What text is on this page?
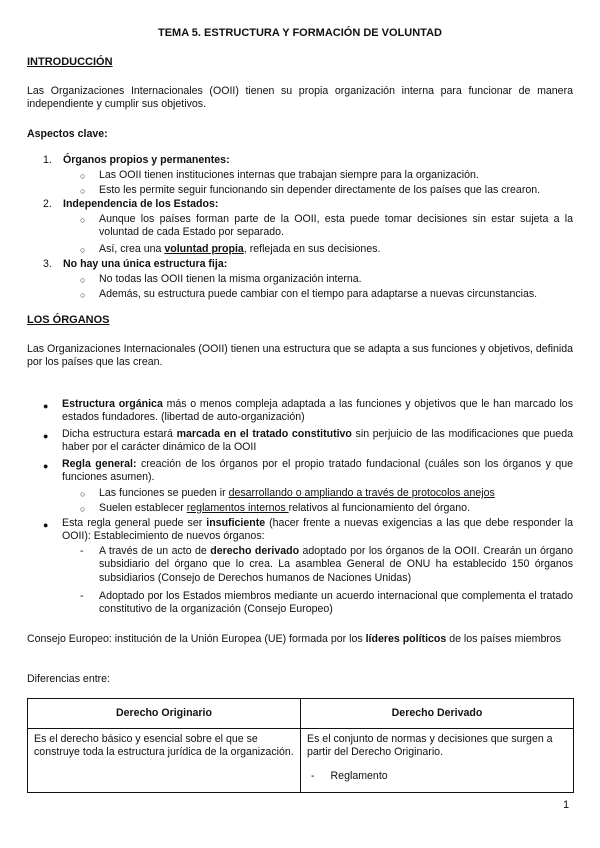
TEMA 5. ESTRUCTURA Y FORMACIÓN DE VOLUNTAD
INTRODUCCIÓN
Las Organizaciones Internacionales (OOII) tienen su propia organización interna para funcionar de manera independiente y cumplir sus objetivos.
Aspectos clave:
1. Órganos propios y permanentes:
○ Las OOII tienen instituciones internas que trabajan siempre para la organización.
○ Esto les permite seguir funcionando sin depender directamente de los países que las crearon.
2. Independencia de los Estados:
○ Aunque los países forman parte de la OOII, esta puede tomar decisiones sin estar sujeta a la voluntad de cada Estado por separado.
○ Así, crea una voluntad propia, reflejada en sus decisiones.
3. No hay una única estructura fija:
○ No todas las OOII tienen la misma organización interna.
○ Además, su estructura puede cambiar con el tiempo para adaptarse a nuevas circunstancias.
LOS ÓRGANOS
Las Organizaciones Internacionales (OOII) tienen una estructura que se adapta a sus funciones y objetivos, definida por los países que las crean.
● Estructura orgánica más o menos compleja adaptada a las funciones y objetivos que le han marcado los estados fundadores. (libertad de auto-organización)
● Dicha estructura estará marcada en el tratado constitutivo sin perjuicio de las modificaciones que pueda haber por el carácter dinámico de la OOII
● Regla general: creación de los órganos por el propio tratado fundacional (cuáles son los órganos y que funciones asumen).
○ Las funciones se pueden ir desarrollando o ampliando a través de protocolos anejos
○ Suelen establecer reglamentos internos relativos al funcionamiento del órgano.
● Esta regla general puede ser insuficiente (hacer frente a nuevas exigencias a las que debe responder la OOII): Establecimiento de nuevos órganos:
- A través de un acto de derecho derivado adoptado por los órganos de la OOII. Crearán un órgano subsidiario del órgano que lo crea. La asamblea General de ONU ha establecido 150 órganos subsidiarios (Consejo de Derechos humanos de Naciones Unidas)
- Adoptado por los Estados miembros mediante un acuerdo internacional que complementa el tratado constitutivo de la organización (Consejo Europeo)
Consejo Europeo: institución de la Unión Europea (UE) formada por los líderes políticos de los países miembros
Diferencias entre:
Derecho Originario	Derecho Derivado
Es el derecho básico y esencial sobre el que se construye toda la estructura jurídica de la organización.	Es el conjunto de normas y decisiones que surgen a partir del Derecho Originario.
- Reglamento
1
